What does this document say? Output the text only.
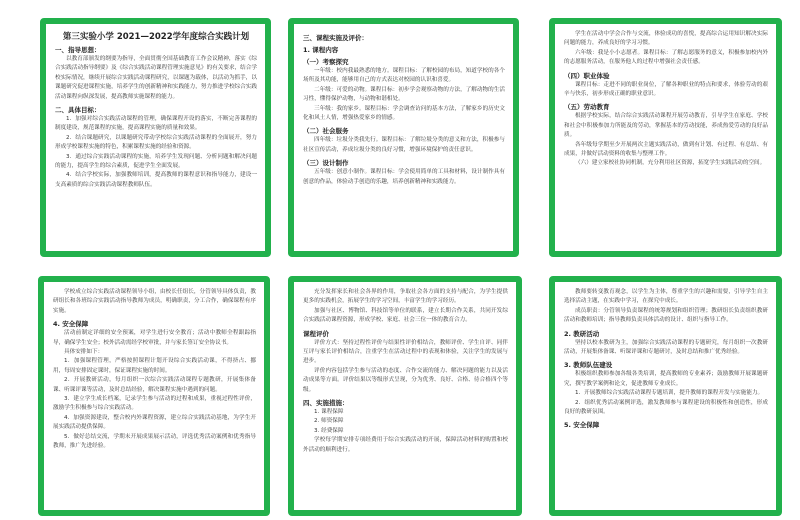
第三实验小学 2021—2022学年度综合实践计划
一、指导思想：
以教育部颁发的纲要为指导，全面贯彻全国基础教育工作会议精神，落实《综合实践活动指导纲要》及《综合实践活动课程管理实施意见》的有关要求，结合学校实际情况，继续开展综合实践活动课程研究，以课题为载体，以活动为抓手，以课题研究促进课程实施，培养学生的创新精神和实践能力，努力推进学校综合实践活动课程向纵深发展，提高教师实施课程的能力。
二、具体目标：
1．加强对综合实践活动课程的管理，确保课程开设的落实，不断完善课程的制度建设，规范课程的实施，提高课程实施的质量和效果。
2．结合课题研究，以课题研究带动学校综合实践活动课程的全面展开，努力形成学校课程实施的特色，积累课程实施的经验和资源。
3．通过综合实践活动课程的实施，培养学生发现问题、分析问题和解决问题的能力，提高学生的综合素质，促进学生全面发展。
4．结合学校实际，加强教师培训，提高教师的课程意识和指导能力，建设一支高素质的综合实践活动课程教师队伍。
三、课程实施及评价：
1. 课程内容
（一）考察探究
一年级：校内我最熟悉的地方。课程目标：了解校园的布局，知道学校的各个场所及其功能，能够用自己的方式表达对校园的认识和喜爱。
二年级：可爱的动物。课程目标：初步学会观察动物的方法，了解动物的生活习性，懂得保护动物，与动物和谐相处。
三年级：我的家乡。课程目标：学会调查访问的基本方法，了解家乡的历史文化和风土人情，增强热爱家乡的情感。
（二）社会服务
四年级：垃圾分类我先行。课程目标：了解垃圾分类的意义和方法，积极参与社区宣传活动，养成垃圾分类的良好习惯，增强环境保护的责任意识。
（三）设计制作
五年级：创意小制作。课程目标：学会使用简单的工具和材料，设计制作具有创意的作品，体验动手创造的乐趣，培养创新精神和实践能力。
学生在活动中学会合作与交流，体验成功的喜悦，提高综合运用知识解决实际问题的能力，养成良好的学习习惯。
六年级：我是小小志愿者。课程目标：了解志愿服务的意义，积极参加校内外的志愿服务活动，在服务他人的过程中增强社会责任感。
（四）职业体验
课程目标：走进不同的职业岗位，了解各种职业的特点和要求，体验劳动的艰辛与快乐，初步形成正确的职业意识。
（五）劳动教育
根据学校实际，结合综合实践活动课程开展劳动教育，引导学生在家庭、学校和社会中积极参加力所能及的劳动，掌握基本的劳动技能，养成热爱劳动的良好品质。
各年级每学期至少开展两次主题实践活动，做到有计划、有过程、有总结、有成果，并做好活动资料的收集与整理工作。
（六）建立家校社协同机制，充分利用社区资源，拓宽学生实践活动的空间。
学校成立综合实践活动课程领导小组，由校长任组长，分管领导具体负责，教研组长和各班综合实践活动指导教师为成员，明确职责，分工合作，确保课程有序实施。
4. 安全保障
活动前制定详细的安全预案，对学生进行安全教育；活动中教师全程跟踪指导，确保学生安全；校外活动需经学校审批，并与家长签订安全协议书。
具体安排如下：
1．加强课程管理，严格按照课程计划开设综合实践活动课，不得挤占、挪用，每周安排固定课时，保证课程实施的时间。
2．开展教研活动，每月组织一次综合实践活动课程专题教研，开展集体备课、听课评课等活动，及时总结经验，解决课程实施中遇到的问题。
3．建立学生成长档案，记录学生参与活动的过程和成果，重视过程性评价，激励学生积极参与综合实践活动。
4．加强资源建设，整合校内外课程资源，建立综合实践活动基地，为学生开展实践活动提供保障。
5．做好总结交流，学期末开展成果展示活动，评选优秀活动案例和优秀指导教师，推广先进经验。
充分发挥家长和社会各界的作用，争取社会各方面的支持与配合，为学生提供更多的实践机会，拓展学生的学习空间，丰富学生的学习经历。
加强与社区、博物馆、科技馆等单位的联系，建立长期合作关系，共同开发综合实践活动课程资源，形成学校、家庭、社会三位一体的教育合力。
课程评价
评价方式：坚持过程性评价与结果性评价相结合，教师评价、学生自评、同伴互评与家长评价相结合，注重学生在活动过程中的表现和体验，关注学生的发展与进步。
评价内容包括学生参与活动的态度、合作交流的能力、解决问题的能力以及活动成果等方面。评价结果以等级形式呈现，分为优秀、良好、合格、待合格四个等级。
四、实施措施：
1. 课程保障
2. 师资保障
3. 经费保障
学校每学期安排专项经费用于综合实践活动的开展，保障活动材料的购置和校外活动的顺利进行。
教师要转变教育观念，以学生为主体，尊重学生的兴趣和需要，引导学生自主选择活动主题，在实践中学习，在探究中成长。
成员职责：分管领导负责课程的统筹规划和组织管理；教研组长负责组织教研活动和教师培训；指导教师负责具体活动的设计、组织与指导工作。
2. 教研活动
坚持以校本教研为主，加强综合实践活动课程的专题研究，每月组织一次教研活动，开展集体备课、听课评课和专题研讨，及时总结和推广优秀经验。
3. 教师队伍建设
积极组织教师参加各级各类培训，提高教师的专业素养；鼓励教师开展课题研究，撰写教学案例和论文，促进教师专业成长。
1．开展教师综合实践活动课程专题培训，提升教师的课程开发与实施能力。
2．组织优秀活动案例评选，激发教师参与课程建设的积极性和创造性，形成良好的教研氛围。
5. 安全保障
